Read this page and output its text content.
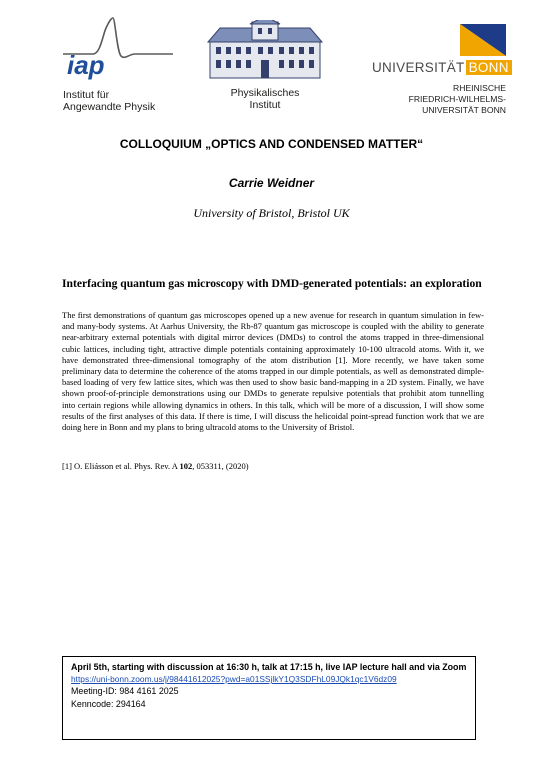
iap
Institut für
Angewandte Physik
Physikalisches
Institut
UNIVERSITÄT BONN
RHEINISCHE
FRIEDRICH-WILHELMS-
UNIVERSITÄT BONN
COLLOQUIUM „OPTICS AND CONDENSED MATTER“
Carrie Weidner
University of Bristol, Bristol UK
Interfacing quantum gas microscopy with DMD-generated potentials: an exploration
The first demonstrations of quantum gas microscopes opened up a new avenue for research in quantum simulation in few- and many-body systems. At Aarhus University, the Rb-87 quantum gas microscope is coupled with the ability to generate near-arbitrary external potentials with digital mirror devices (DMDs) to control the atoms trapped in three-dimensional cubic lattices, including tight, attractive dimple potentials containing approximately 10-100 ultracold atoms. With it, we have demonstrated three-dimensional tomography of the atom distribution [1]. More recently, we have taken some preliminary data to determine the coherence of the atoms trapped in our dimple potentials, as well as demonstrated dimple-based loading of very few lattice sites, which was then used to show basic band-mapping in a 2D system. Finally, we have shown proof-of-principle demonstrations using our DMDs to generate repulsive potentials that prohibit atom tunnelling into certain regions while allowing dynamics in others. In this talk, which will be more of a discussion, I will show some results of the first analyses of this data. If there is time, I will discuss the helicoidal point-spread function work that we are doing here in Bonn and my plans to bring ultracold atoms to the University of Bristol.
[1] O. Eliásson et al. Phys. Rev. A 102, 053311, (2020)
April 5th, starting with discussion at 16:30 h, talk at 17:15 h, live IAP lecture hall and via Zoom
https://uni-bonn.zoom.us/j/98441612025?pwd=a01SSjlkY1Q3SDFhL09JQk1qc1V6dz09
Meeting-ID: 984 4161 2025
Kenncode: 294164
